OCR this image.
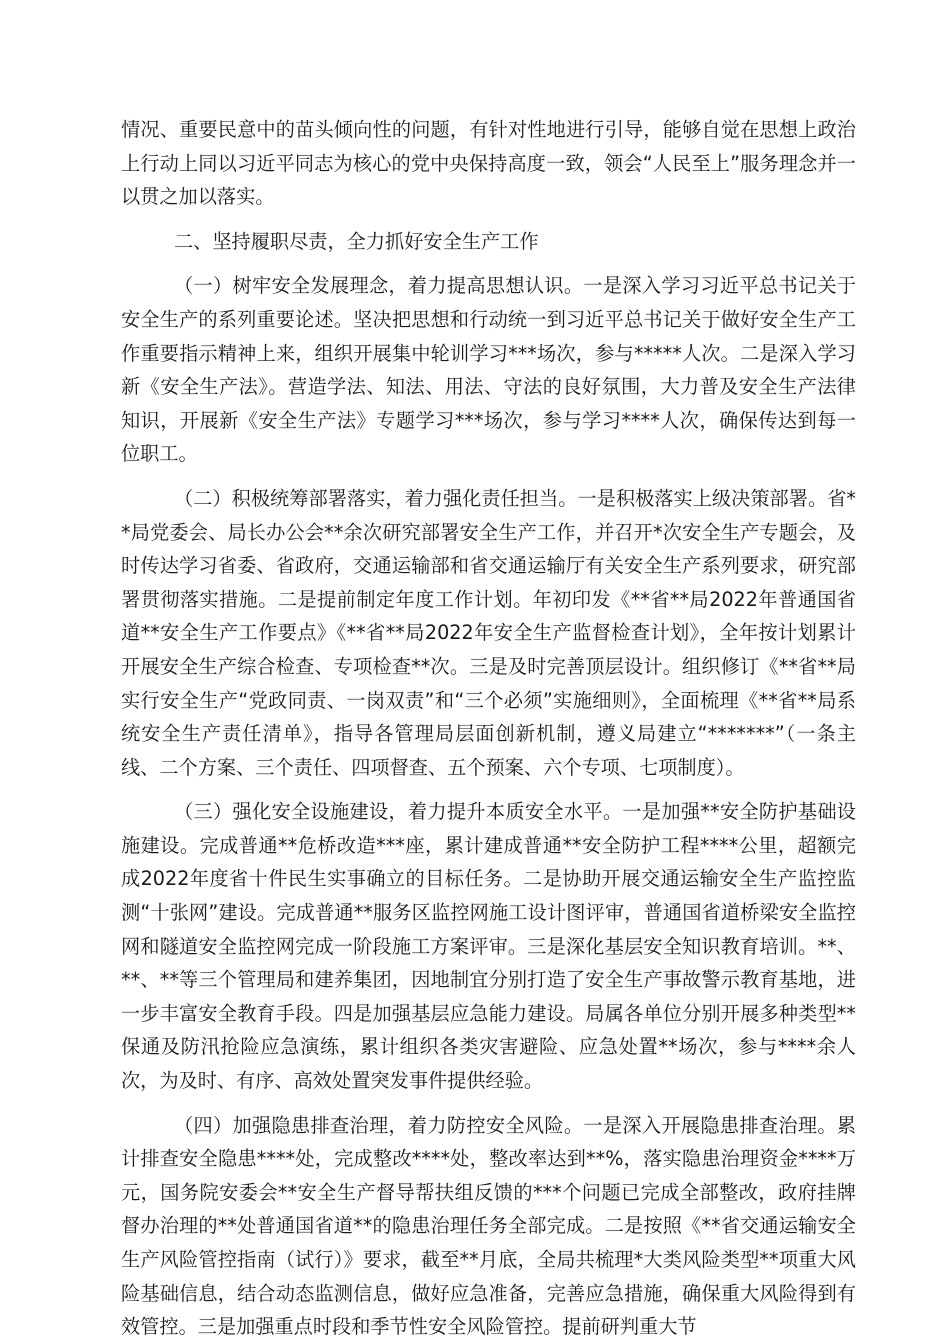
情况、重要民意中的苗头倾向性的问题，有针对性地进行引导，能够自觉在思想上政治上行动上同以习近平同志为核心的党中央保持高度一致，领会“人民至上”服务理念并一以贯之加以落实。

二、坚持履职尽责，全力抓好安全生产工作

（一）树牢安全发展理念，着力提高思想认识。一是深入学习习近平总书记关于安全生产的系列重要论述。坚决把思想和行动统一到习近平总书记关于做好安全生产工作重要指示精神上来，组织开展集中轮训学习***场次，参与*****人次。二是深入学习新《安全生产法》。营造学法、知法、用法、守法的良好氛围，大力普及安全生产法律知识，开展新《安全生产法》专题学习***场次，参与学习****人次，确保传达到每一位职工。

（二）积极统筹部署落实，着力强化责任担当。一是积极落实上级决策部署。省**局党委会、局长办公会**余次研究部署安全生产工作，并召开*次安全生产专题会，及时传达学习省委、省政府，交通运输部和省交通运输厅有关安全生产系列要求，研究部署贯彻落实措施。二是提前制定年度工作计划。年初印发《**省**局2022年普通国省道**安全生产工作要点》《**省**局2022年安全生产监督检查计划》，全年按计划累计开展安全生产综合检查、专项检查**次。三是及时完善顶层设计。组织修订《**省**局实行安全生产“党政同责、一岗双责”和“三个必须”实施细则》，全面梳理《**省**局系统安全生产责任清单》，指导各管理局层面创新机制，遵义局建立“*******”（一条主线、二个方案、三个责任、四项督查、五个预案、六个专项、七项制度）。

（三）强化安全设施建设，着力提升本质安全水平。一是加强**安全防护基础设施建设。完成普通**危桥改造***座，累计建成普通**安全防护工程****公里，超额完成2022年度省十件民生实事确立的目标任务。二是协助开展交通运输安全生产监控监测“十张网”建设。完成普通**服务区监控网施工设计图评审，普通国省道桥梁安全监控网和隧道安全监控网完成一阶段施工方案评审。三是深化基层安全知识教育培训。**、**、**等三个管理局和建养集团，因地制宜分别打造了安全生产事故警示教育基地，进一步丰富安全教育手段。四是加强基层应急能力建设。局属各单位分别开展多种类型**保通及防汛抢险应急演练，累计组织各类灾害避险、应急处置**场次，参与****余人次，为及时、有序、高效处置突发事件提供经验。

（四）加强隐患排查治理，着力防控安全风险。一是深入开展隐患排查治理。累计排查安全隐患****处，完成整改****处，整改率达到**%，落实隐患治理资金****万元，国务院安委会**安全生产督导帮扶组反馈的***个问题已完成全部整改，政府挂牌督办治理的**处普通国省道**的隐患治理任务全部完成。二是按照《**省交通运输安全生产风险管控指南（试行）》要求，截至**月底，全局共梳理*大类风险类型**项重大风险基础信息，结合动态监测信息，做好应急准备，完善应急措施，确保重大风险得到有效管控。三是加强重点时段和季节性安全风险管控。提前研判重大节
